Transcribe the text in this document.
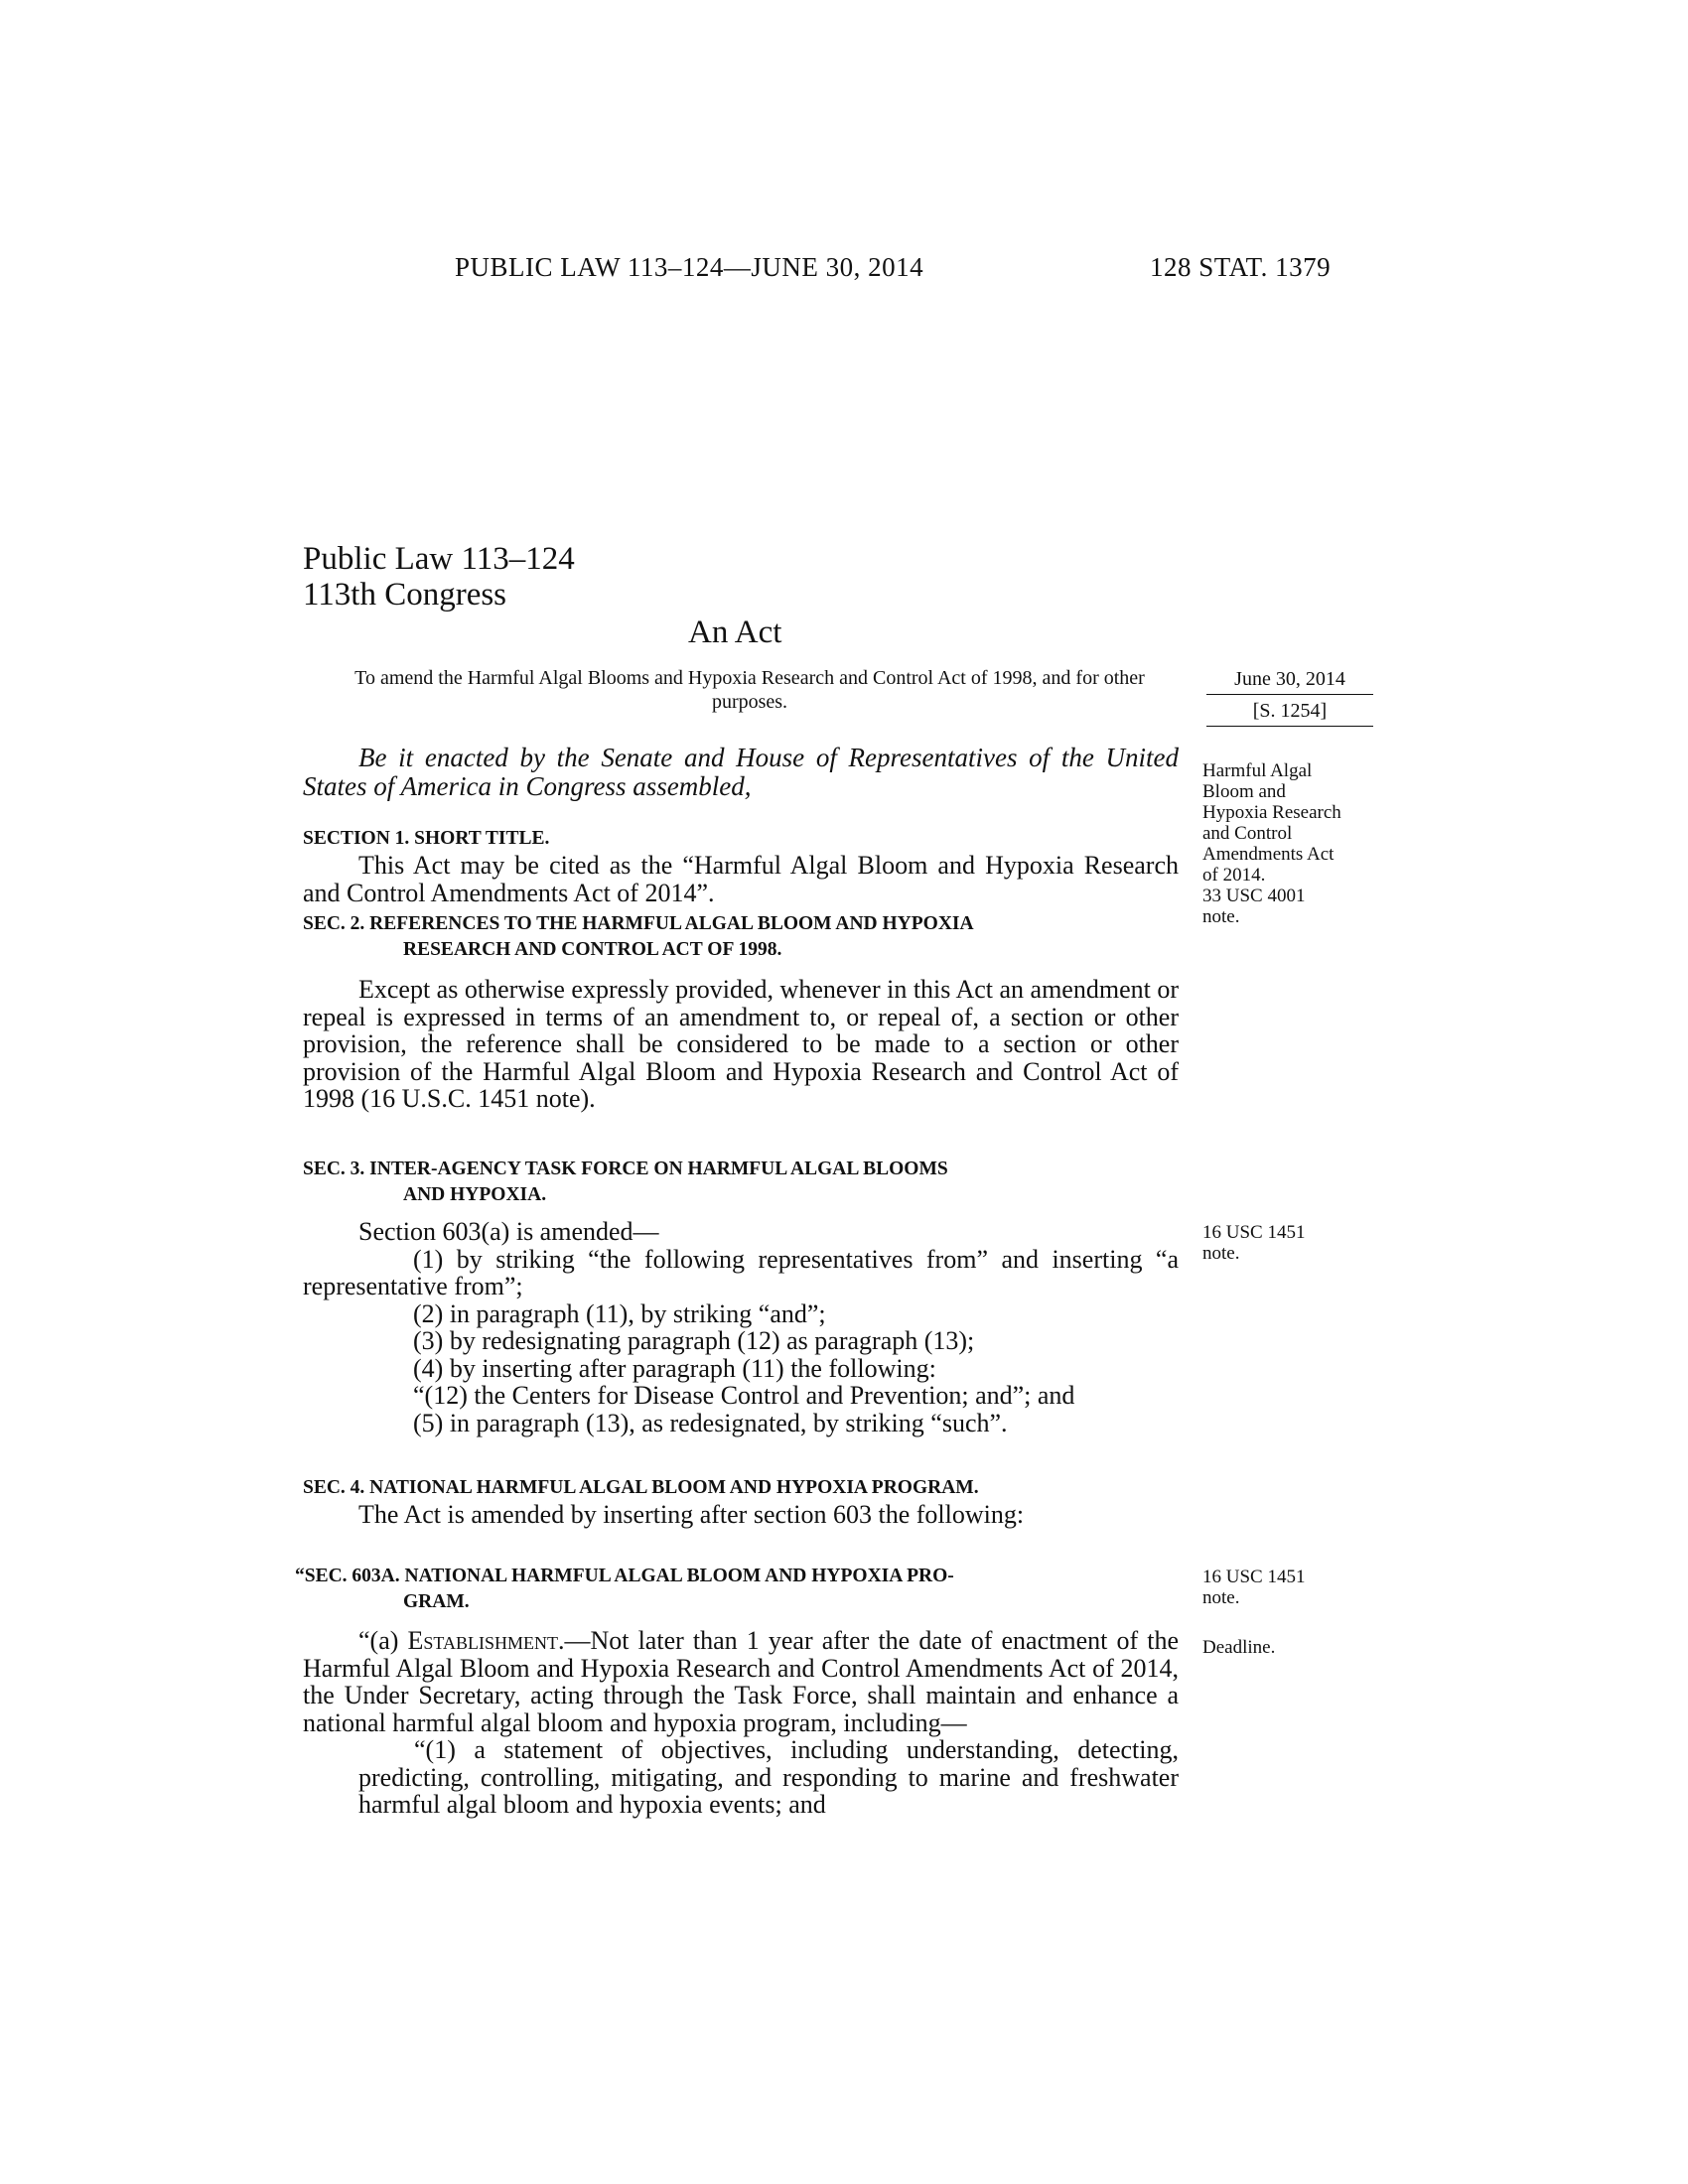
PUBLIC LAW 113–124—JUNE 30, 2014	128 STAT. 1379
Public Law 113–124
113th Congress
An Act
To amend the Harmful Algal Blooms and Hypoxia Research and Control Act of 1998, and for other purposes.
June 30, 2014
[S. 1254]
Be it enacted by the Senate and House of Representatives of the United States of America in Congress assembled,
SECTION 1. SHORT TITLE.
This Act may be cited as the “Harmful Algal Bloom and Hypoxia Research and Control Amendments Act of 2014”.
Harmful Algal Bloom and Hypoxia Research and Control Amendments Act of 2014.
33 USC 4001 note.
SEC. 2. REFERENCES TO THE HARMFUL ALGAL BLOOM AND HYPOXIA
RESEARCH AND CONTROL ACT OF 1998.
Except as otherwise expressly provided, whenever in this Act an amendment or repeal is expressed in terms of an amendment to, or repeal of, a section or other provision, the reference shall be considered to be made to a section or other provision of the Harmful Algal Bloom and Hypoxia Research and Control Act of 1998 (16 U.S.C. 1451 note).
SEC. 3. INTER-AGENCY TASK FORCE ON HARMFUL ALGAL BLOOMS
AND HYPOXIA.

Section 603(a) is amended—

(1) by striking “the following representatives from” and inserting “a representative from”;

(2) in paragraph (11), by striking “and”;

(3) by redesignating paragraph (12) as paragraph (13);

(4) by inserting after paragraph (11) the following:

“(12) the Centers for Disease Control and Prevention; and”; and

(5) in paragraph (13), as redesignated, by striking “such”.

16 USC 1451 note.
SEC. 4. NATIONAL HARMFUL ALGAL BLOOM AND HYPOXIA PROGRAM.
The Act is amended by inserting after section 603 the following:
“SEC. 603A. NATIONAL HARMFUL ALGAL BLOOM AND HYPOXIA PRO-
GRAM.
16 USC 1451 note.

“(a) Establishment.—Not later than 1 year after the date of enactment of the Harmful Algal Bloom and Hypoxia Research and Control Amendments Act of 2014, the Under Secretary, acting through the Task Force, shall maintain and enhance a national harmful algal bloom and hypoxia program, including—

“(1) a statement of objectives, including understanding, detecting, predicting, controlling, mitigating, and responding to marine and freshwater harmful algal bloom and hypoxia events; and

Deadline.
